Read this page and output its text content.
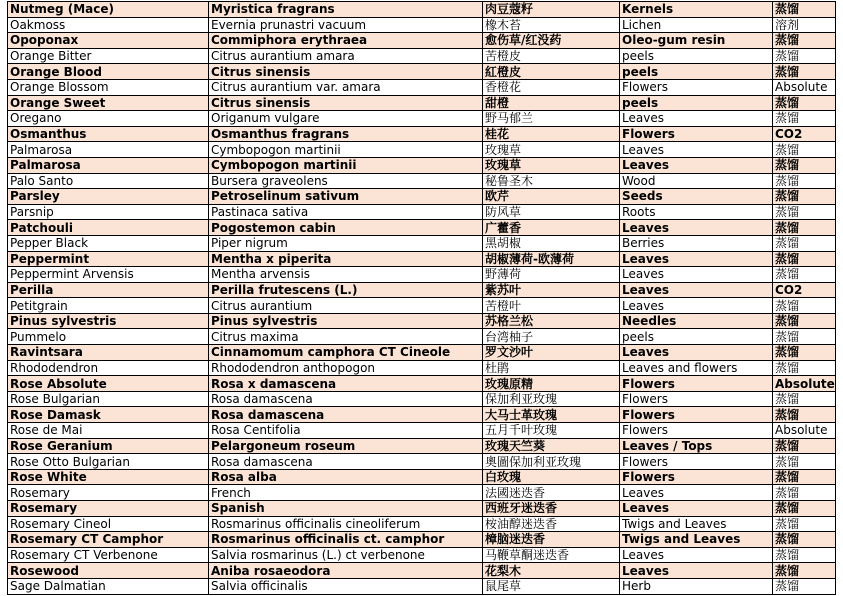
Nutmeg (Mace)	Myristica fragrans	肉豆蔻籽	Kernels	蒸馏
Oakmoss	Evernia prunastri vacuum	橡木苔	Lichen	溶剂
Opoponax	Commiphora erythraea	愈伤草/红没药	Oleo-gum resin	蒸馏
Orange Bitter	Citrus aurantium amara	苦橙皮	peels	蒸馏
Orange Blood	Citrus sinensis	紅橙皮	peels	蒸馏
Orange Blossom	Citrus aurantium var. amara	香橙花	Flowers	Absolute
Orange Sweet	Citrus sinensis	甜橙	peels	蒸馏
Oregano	Origanum vulgare	野马郁兰	Leaves	蒸馏
Osmanthus	Osmanthus fragrans	桂花	Flowers	CO2
Palmarosa	Cymbopogon martinii	玫瑰草	Leaves	蒸馏
Palmarosa	Cymbopogon martinii	玫瑰草	Leaves	蒸馏
Palo Santo	Bursera graveolens	秘鲁圣木	Wood	蒸馏
Parsley	Petroselinum sativum	欧芹	Seeds	蒸馏
Parsnip	Pastinaca sativa	防风草	Roots	蒸馏
Patchouli	Pogostemon cabin	广藿香	Leaves	蒸馏
Pepper Black	Piper nigrum	黑胡椒	Berries	蒸馏
Peppermint	Mentha x piperita	胡椒薄荷-欧薄荷	Leaves	蒸馏
Peppermint Arvensis	Mentha arvensis	野薄荷	Leaves	蒸馏
Perilla	Perilla frutescens (L.)	紫苏叶	Leaves	CO2
Petitgrain	Citrus aurantium	苦橙叶	Leaves	蒸馏
Pinus sylvestris	Pinus sylvestris	苏格兰松	Needles	蒸馏
Pummelo	Citrus maxima	台湾柚子	peels	蒸馏
Ravintsara	Cinnamomum camphora CT Cineole	罗文沙叶	Leaves	蒸馏
Rhododendron	Rhododendron anthopogon	杜鹃	Leaves and flowers	蒸馏
Rose Absolute	Rosa x damascena	玫瑰原精	Flowers	Absolute
Rose Bulgarian	Rosa damascena	保加利亚玫瑰	Flowers	蒸馏
Rose Damask	Rosa damascena	大马士革玫瑰	Flowers	蒸馏
Rose de Mai	Rosa Centifolia	五月千叶玫瑰	Flowers	Absolute
Rose Geranium	Pelargoneum roseum	玫瑰天竺葵	Leaves / Tops	蒸馏
Rose Otto Bulgarian	Rosa damascena	奧圖保加利亚玫瑰	Flowers	蒸馏
Rose White	Rosa alba	白玫瑰	Flowers	蒸馏
Rosemary	French	法國迷迭香	Leaves	蒸馏
Rosemary	Spanish	西班牙迷迭香	Leaves	蒸馏
Rosemary Cineol	Rosmarinus officinalis cineoliferum	桉油醇迷迭香	Twigs and Leaves	蒸馏
Rosemary CT Camphor	Rosmarinus officinalis ct. camphor	樟脑迷迭香	Twigs and Leaves	蒸馏
Rosemary CT Verbenone	Salvia rosmarinus (L.) ct verbenone	马鞭草酮迷迭香	Leaves	蒸馏
Rosewood	Aniba rosaeodora	花梨木	Leaves	蒸馏
Sage Dalmatian	Salvia officinalis	鼠尾草	Herb	蒸馏
